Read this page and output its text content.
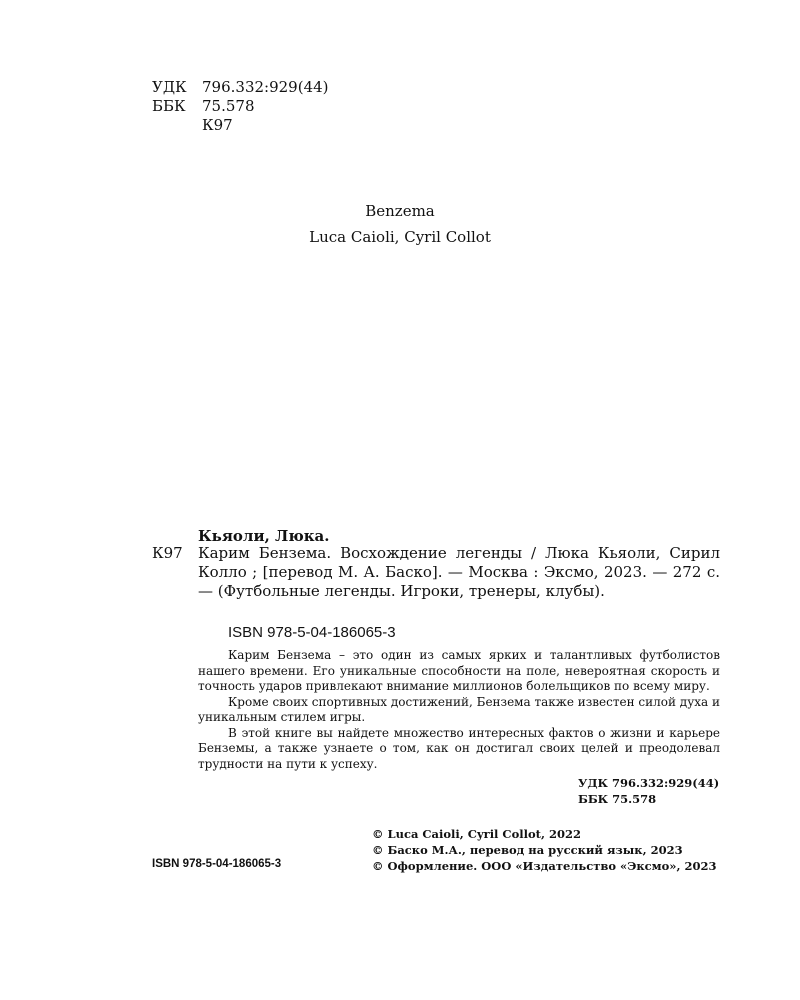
УДК	796.332:929(44)
ББК	75.578
К97
Benzema
Luca Caioli, Cyril Collot
Кьяоли, Люка.
К97 Карим Бензема. Восхождение легенды / Люка Кьяоли, Сирил Колло ; [перевод М. А. Баско]. — Москва : Эксмо, 2023. — 272 с. — (Футбольные легенды. Игроки, тренеры, клубы).
ISBN 978-5-04-186065-3

Карим Бензема – это один из самых ярких и талантливых футболистов нашего времени. Его уникальные способности на поле, невероятная скорость и точность ударов привлекают внимание миллионов болельщиков по всему миру.

Кроме своих спортивных достижений, Бензема также известен силой духа и уникальным стилем игры.

В этой книге вы найдете множество интересных фактов о жизни и карьере Бенземы, а также узнаете о том, как он достигал своих целей и преодолевал трудности на пути к успеху.

УДК 796.332:929(44)
ББК 75.578
© Luca Caioli, Cyril Collot, 2022
© Баско М.А., перевод на русский язык, 2023
© Оформление. ООО «Издательство «Эксмо», 2023
ISBN 978-5-04-186065-3
